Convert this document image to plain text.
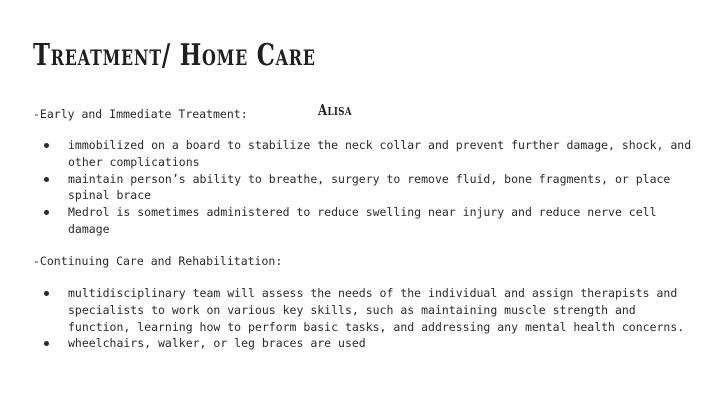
Treatment/ Home Care
Alisa

-Early and Immediate Treatment:

immobilized on a board to stabilize the neck collar and prevent further damage, shock, and other complications
maintain person’s ability to breathe, surgery to remove fluid, bone fragments, or place spinal brace
Medrol is sometimes administered to reduce swelling near injury and reduce nerve cell damage

-Continuing Care and Rehabilitation:

multidisciplinary team will assess the needs of the individual and assign therapists and specialists to work on various key skills, such as maintaining muscle strength and function, learning how to perform basic tasks, and addressing any mental health concerns.
wheelchairs, walker, or leg braces are used
